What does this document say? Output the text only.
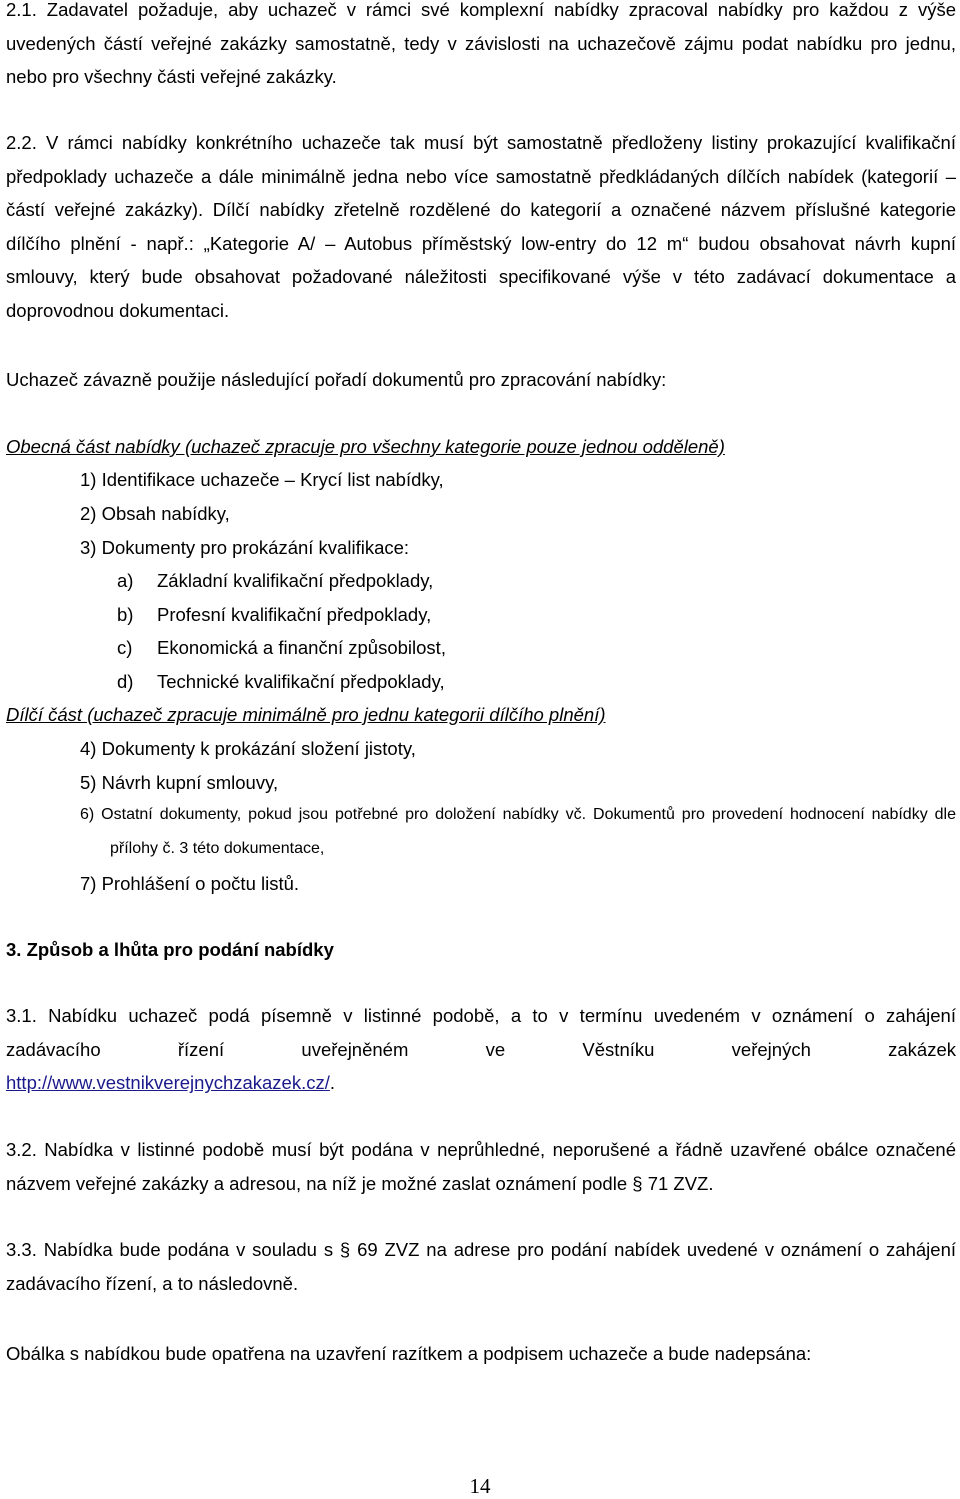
2.1. Zadavatel požaduje, aby uchazeč v rámci své komplexní nabídky zpracoval nabídky pro každou z výše uvedených částí veřejné zakázky samostatně, tedy v závislosti na uchazečově zájmu podat nabídku pro jednu, nebo pro všechny části veřejné zakázky.
2.2. V rámci nabídky konkrétního uchazeče tak musí být samostatně předloženy listiny prokazující kvalifikační předpoklady uchazeče a dále minimálně jedna nebo více samostatně předkládaných dílčích nabídek (kategorií – částí veřejné zakázky). Dílčí nabídky zřetelně rozdělené do kategorií a označené názvem příslušné kategorie dílčího plnění - např.: „Kategorie A/ – Autobus příměstský low-entry do 12 m“ budou obsahovat návrh kupní smlouvy, který bude obsahovat požadované náležitosti specifikované výše v této zadávací dokumentace a doprovodnou dokumentaci.
Uchazeč závazně použije následující pořadí dokumentů pro zpracování nabídky:
Obecná část nabídky (uchazeč zpracuje pro všechny kategorie pouze jednou odděleně)
1) Identifikace uchazeče – Krycí list nabídky,
2) Obsah nabídky,
3) Dokumenty pro prokázání kvalifikace:
a) Základní kvalifikační předpoklady,
b) Profesní kvalifikační předpoklady,
c) Ekonomická a finanční způsobilost,
d) Technické kvalifikační předpoklady,
Dílčí část (uchazeč zpracuje minimálně pro jednu kategorii dílčího plnění)
4) Dokumenty k prokázání složení jistoty,
5) Návrh kupní smlouvy,
6) Ostatní dokumenty, pokud jsou potřebné pro doložení nabídky vč. Dokumentů pro provedení hodnocení nabídky dle přílohy č. 3 této dokumentace,
7) Prohlášení o počtu listů.
3. Způsob a lhůta pro podání nabídky
3.1. Nabídku uchazeč podá písemně v listinné podobě, a to v termínu uvedeném v oznámení o zahájení zadávacího řízení uveřejněném ve Věstníku veřejných zakázek
http://www.vestnikverejnychzakazek.cz/.
3.2. Nabídka v listinné podobě musí být podána v neprůhledné, neporušené a řádně uzavřené obálce označené názvem veřejné zakázky a adresou, na níž je možné zaslat oznámení podle § 71 ZVZ.
3.3. Nabídka bude podána v souladu s § 69 ZVZ na adrese pro podání nabídek uvedené v oznámení o zahájení zadávacího řízení, a to následovně.
Obálka s nabídkou bude opatřena na uzavření razítkem a podpisem uchazeče a bude nadepsána:
14
